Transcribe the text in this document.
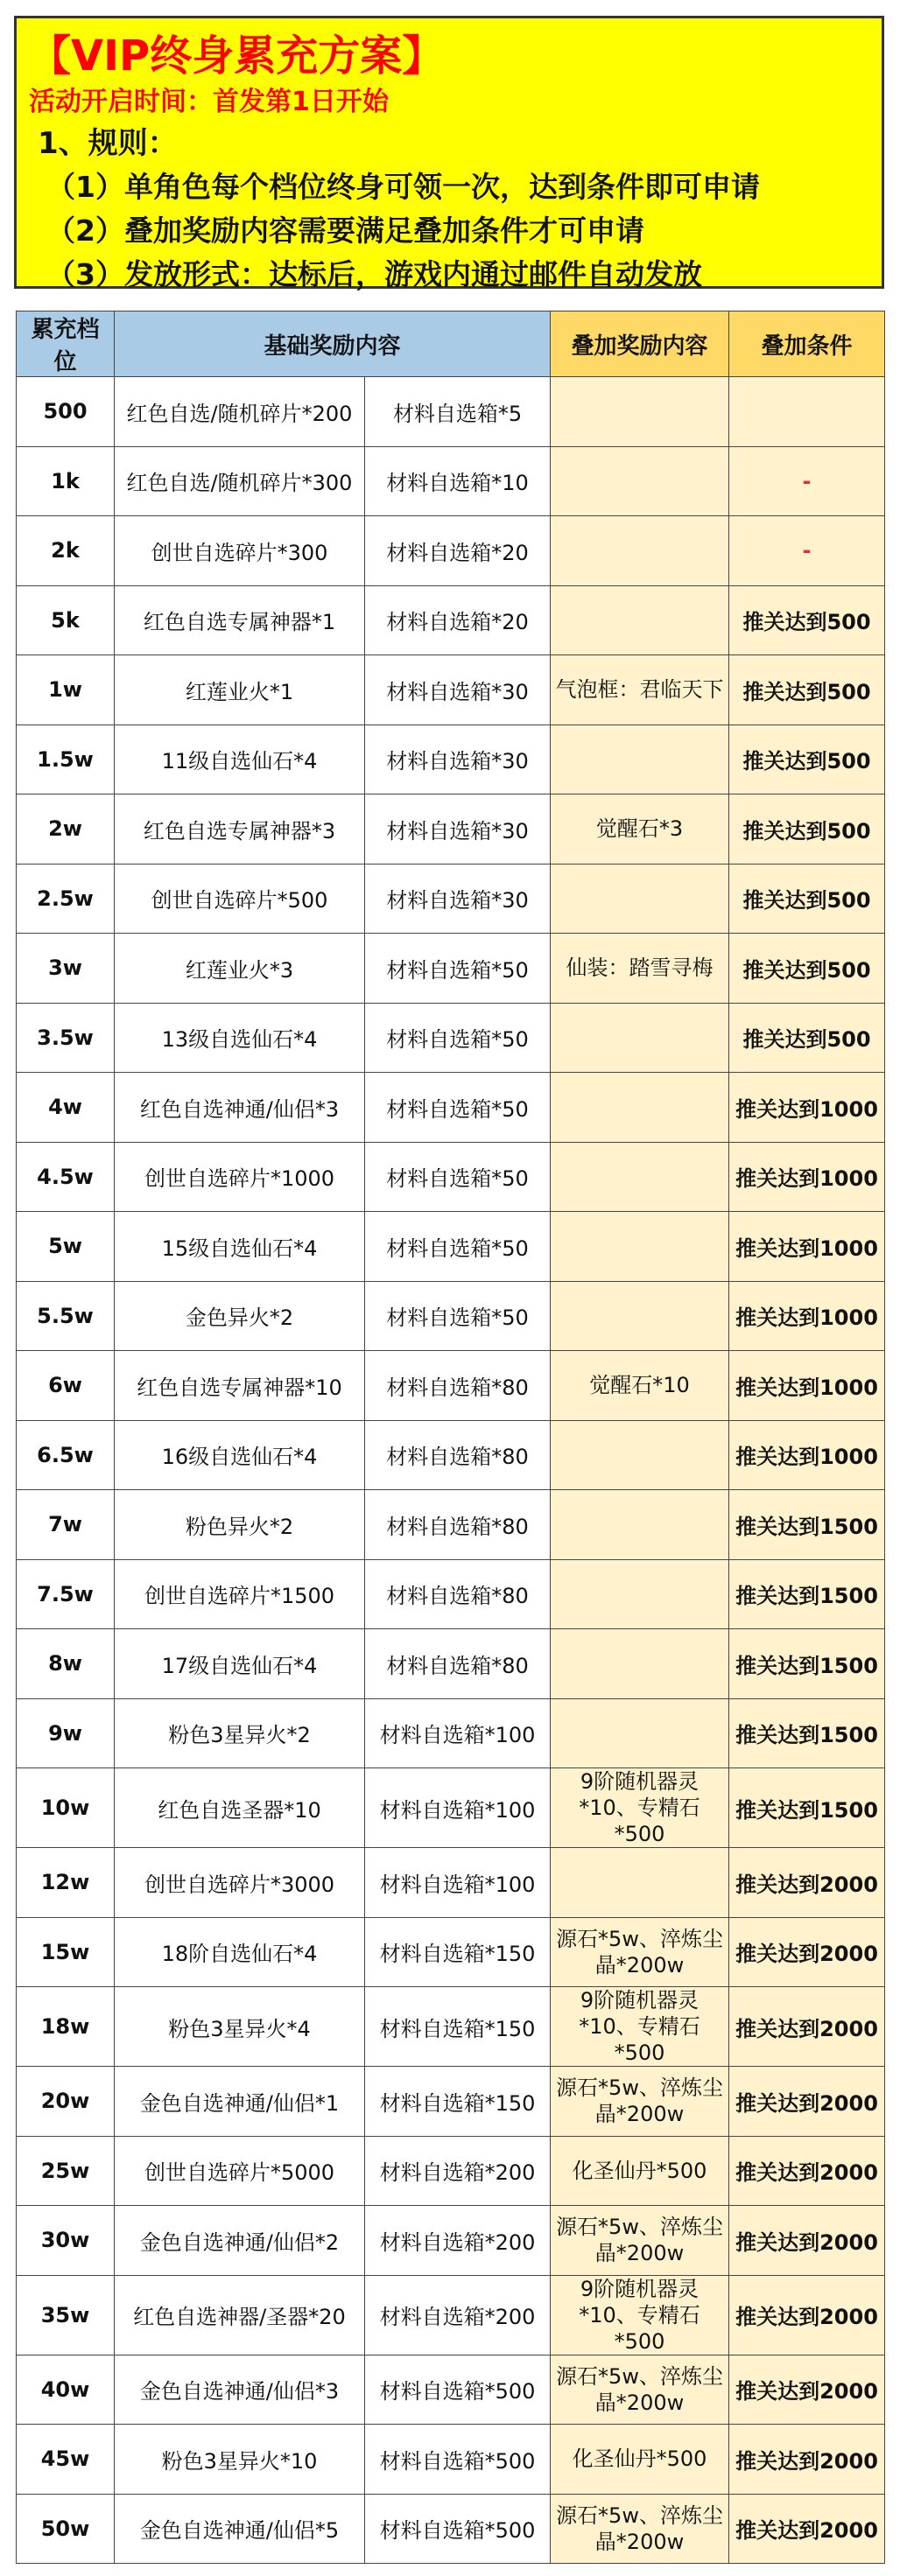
【VIP终身累充方案】
活动开启时间：首发第1日开始
1、规则：
（1）单角色每个档位终身可领一次，达到条件即可申请
（2）叠加奖励内容需要满足叠加条件才可申请
（3）发放形式：达标后，游戏内通过邮件自动发放
累充档位	基础奖励内容		叠加奖励内容	叠加条件
500	红色自选/随机碎片*200	材料自选箱*5		
1k	红色自选/随机碎片*300	材料自选箱*10		-
2k	创世自选碎片*300	材料自选箱*20		-
5k	红色自选专属神器*1	材料自选箱*20		推关达到500
1w	红莲业火*1	材料自选箱*30	气泡框：君临天下	推关达到500
1.5w	11级自选仙石*4	材料自选箱*30		推关达到500
2w	红色自选专属神器*3	材料自选箱*30	觉醒石*3	推关达到500
2.5w	创世自选碎片*500	材料自选箱*30		推关达到500
3w	红莲业火*3	材料自选箱*50	仙装：踏雪寻梅	推关达到500
3.5w	13级自选仙石*4	材料自选箱*50		推关达到500
4w	红色自选神通/仙侣*3	材料自选箱*50		推关达到1000
4.5w	创世自选碎片*1000	材料自选箱*50		推关达到1000
5w	15级自选仙石*4	材料自选箱*50		推关达到1000
5.5w	金色异火*2	材料自选箱*50		推关达到1000
6w	红色自选专属神器*10	材料自选箱*80	觉醒石*10	推关达到1000
6.5w	16级自选仙石*4	材料自选箱*80		推关达到1000
7w	粉色异火*2	材料自选箱*80		推关达到1500
7.5w	创世自选碎片*1500	材料自选箱*80		推关达到1500
8w	17级自选仙石*4	材料自选箱*80		推关达到1500
9w	粉色3星异火*2	材料自选箱*100		推关达到1500
10w	红色自选圣器*10	材料自选箱*100	9阶随机器灵*10、专精石*500	推关达到1500
12w	创世自选碎片*3000	材料自选箱*100		推关达到2000
15w	18阶自选仙石*4	材料自选箱*150	源石*5w、淬炼尘晶*200w	推关达到2000
18w	粉色3星异火*4	材料自选箱*150	9阶随机器灵*10、专精石*500	推关达到2000
20w	金色自选神通/仙侣*1	材料自选箱*150	源石*5w、淬炼尘晶*200w	推关达到2000
25w	创世自选碎片*5000	材料自选箱*200	化圣仙丹*500	推关达到2000
30w	金色自选神通/仙侣*2	材料自选箱*200	源石*5w、淬炼尘晶*200w	推关达到2000
35w	红色自选神器/圣器*20	材料自选箱*200	9阶随机器灵*10、专精石*500	推关达到2000
40w	金色自选神通/仙侣*3	材料自选箱*500	源石*5w、淬炼尘晶*200w	推关达到2000
45w	粉色3星异火*10	材料自选箱*500	化圣仙丹*500	推关达到2000
50w	金色自选神通/仙侣*5	材料自选箱*500	源石*5w、淬炼尘晶*200w	推关达到2000
